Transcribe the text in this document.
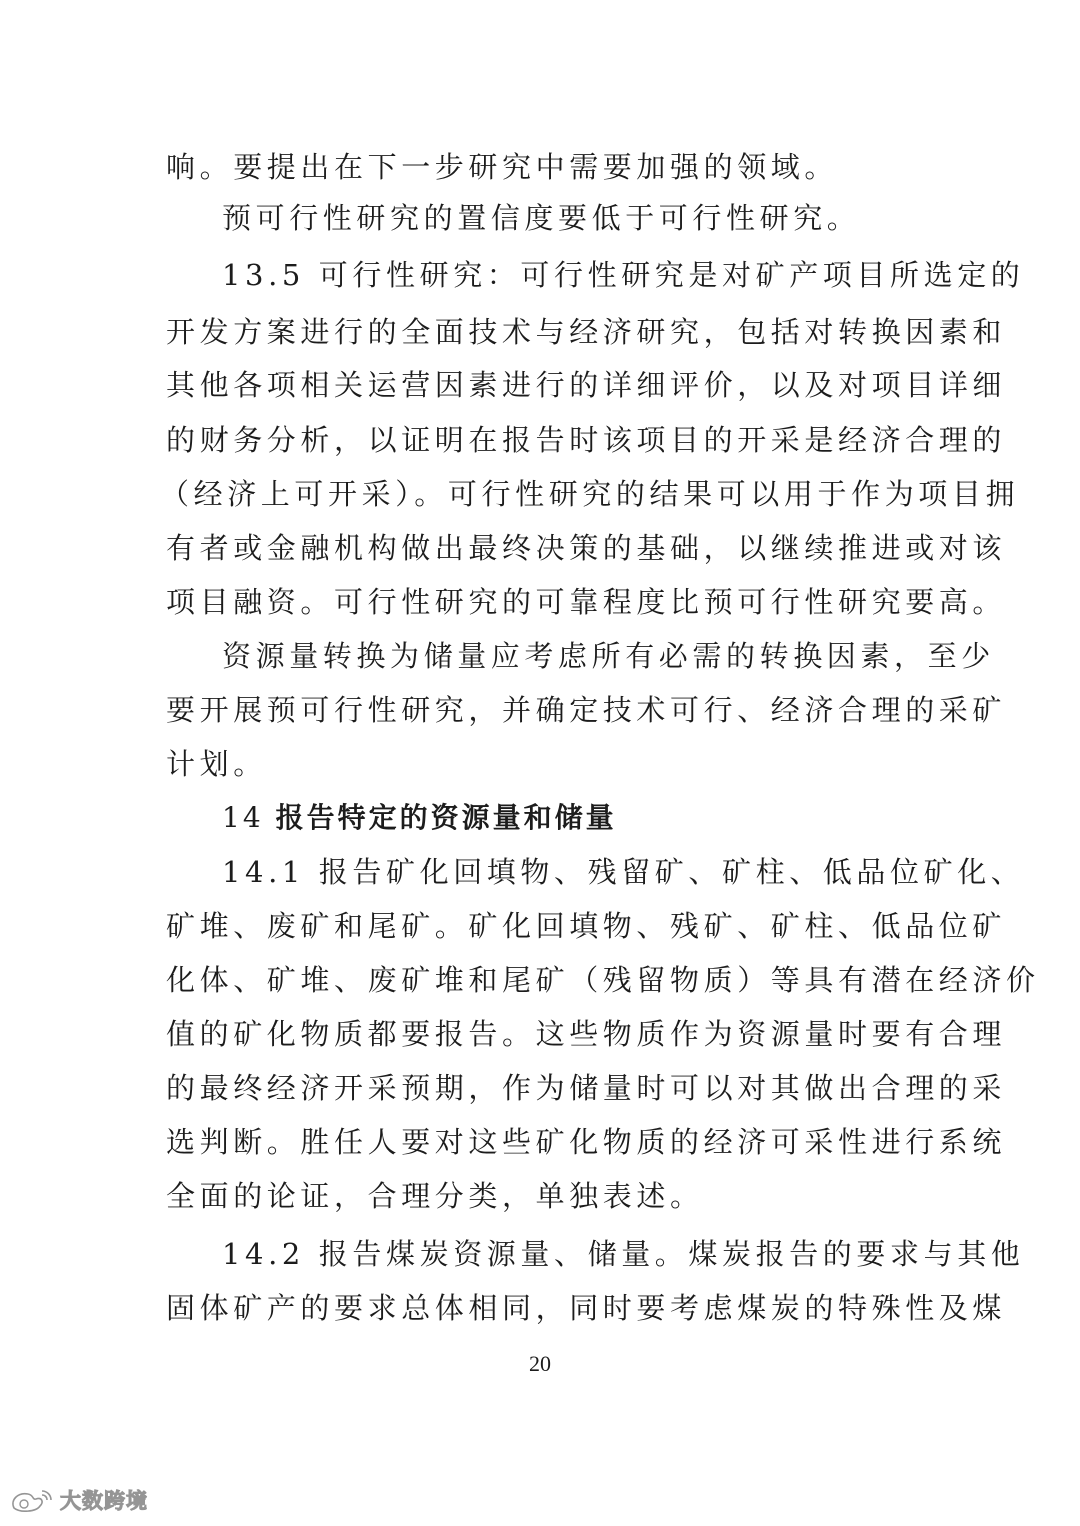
响。要提出在下一步研究中需要加强的领域。
预可行性研究的置信度要低于可行性研究。
13.5 可行性研究：可行性研究是对矿产项目所选定的
开发方案进行的全面技术与经济研究，包括对转换因素和
其他各项相关运营因素进行的详细评价，以及对项目详细
的财务分析，以证明在报告时该项目的开采是经济合理的
（经济上可开采）。可行性研究的结果可以用于作为项目拥
有者或金融机构做出最终决策的基础，以继续推进或对该
项目融资。可行性研究的可靠程度比预可行性研究要高。
资源量转换为储量应考虑所有必需的转换因素，至少
要开展预可行性研究，并确定技术可行、经济合理的采矿
计划。
14 报告特定的资源量和储量
14.1 报告矿化回填物、残留矿、矿柱、低品位矿化、
矿堆、废矿和尾矿。矿化回填物、残矿、矿柱、低品位矿
化体、矿堆、废矿堆和尾矿（残留物质）等具有潜在经济价
值的矿化物质都要报告。这些物质作为资源量时要有合理
的最终经济开采预期，作为储量时可以对其做出合理的采
选判断。胜任人要对这些矿化物质的经济可采性进行系统
全面的论证，合理分类，单独表述。
14.2 报告煤炭资源量、储量。煤炭报告的要求与其他
固体矿产的要求总体相同，同时要考虑煤炭的特殊性及煤
20
大数跨境
